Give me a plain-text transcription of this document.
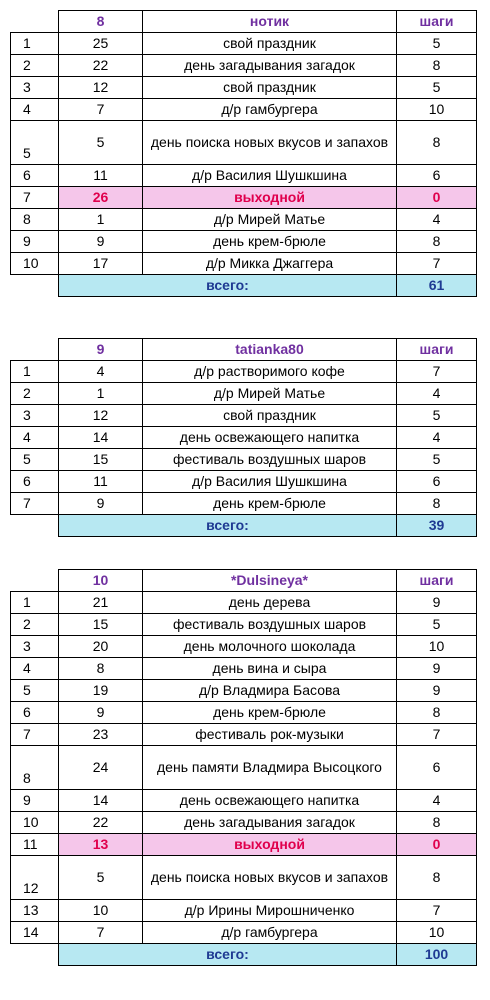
	8	нотик	шаги
1	25	свой праздник	5
2	22	день загадывания загадок	8
3	12	свой праздник	5
4	7	д/р гамбургера	10
5	5	день поиска новых вкусов и запахов	8
6	11	д/р Василия Шушкшина	6
7	26	выходной	0
8	1	д/р Мирей Матье	4
9	9	день крем-брюле	8
10	17	д/р Микка Джаггера	7
	всего:		61
	9	tatianka80	шаги
1	4	д/р растворимого кофе	7
2	1	д/р Мирей Матье	4
3	12	свой праздник	5
4	14	день освежающего напитка	4
5	15	фестиваль воздушных шаров	5
6	11	д/р Василия Шушкшина	6
7	9	день крем-брюле	8
	всего:		39
	10	*Dulsineya*	шаги
1	21	день дерева	9
2	15	фестиваль воздушных шаров	5
3	20	день молочного шоколада	10
4	8	день вина и сыра	9
5	19	д/р Владмира Басова	9
6	9	день крем-брюле	8
7	23	фестиваль рок-музыки	7
8	24	день памяти Владмира Высоцкого	6
9	14	день освежающего напитка	4
10	22	день загадывания загадок	8
11	13	выходной	0
12	5	день поиска новых вкусов и запахов	8
13	10	д/р Ирины Мирошниченко	7
14	7	д/р гамбургера	10
	всего:		100
